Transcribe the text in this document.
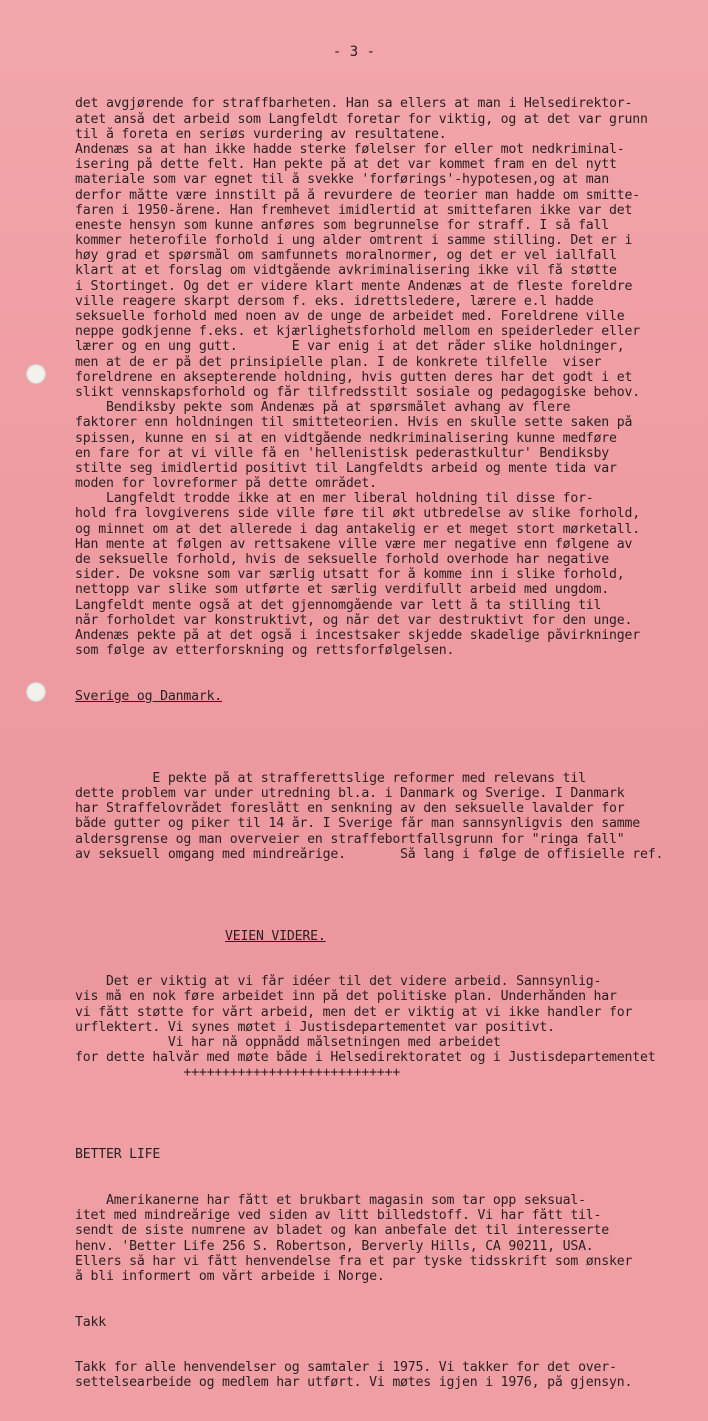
- 3 -

det avgjørende for straffbarheten. Han sa ellers at man i Helsedirektor-
atet anså det arbeid som Langfeldt foretar for viktig, og at det var grunn
til å foreta en seriøs vurdering av resultatene.
Andenæs sa at han ikke hadde sterke følelser for eller mot nedkriminal-
isering på dette felt. Han pekte på at det var kommet fram en del nytt
materiale som var egnet til å svekke 'forførings'-hypotesen,og at man
derfor måtte være innstilt på å revurdere de teorier man hadde om smitte-
faren i 1950-årene. Han fremhevet imidlertid at smittefaren ikke var det
eneste hensyn som kunne anføres som begrunnelse for straff. I så fall
kommer heterofile forhold i ung alder omtrent i samme stilling. Det er i
høy grad et spørsmål om samfunnets moralnormer, og det er vel iallfall
klart at et forslag om vidtgående avkriminalisering ikke vil få støtte
i Stortinget. Og det er videre klart mente Andenæs at de fleste foreldre
ville reagere skarpt dersom f. eks. idrettsledere, lærere e.l hadde
seksuelle forhold med noen av de unge de arbeidet med. Foreldrene ville
neppe godkjenne f.eks. et kjærlighetsforhold mellom en speiderleder eller
lærer og en ung gutt.       E var enig i at det råder slike holdninger,
men at de er på det prinsipielle plan. I de konkrete tilfelle  viser
foreldrene en aksepterende holdning, hvis gutten deres har det godt i et
slikt vennskapsforhold og får tilfredsstilt sosiale og pedagogiske behov.
Bendiksby pekte som Andenæs på at spørsmålet avhang av flere
faktorer enn holdningen til smitteteorien. Hvis en skulle sette saken på
spissen, kunne en si at en vidtgående nedkriminalisering kunne medføre
en fare for at vi ville få en 'hellenistisk pederastkultur' Bendiksby
stilte seg imidlertid positivt til Langfeldts arbeid og mente tida var
moden for lovreformer på dette området.
Langfeldt trodde ikke at en mer liberal holdning til disse for-
hold fra lovgiverens side ville føre til økt utbredelse av slike forhold,
og minnet om at det allerede i dag antakelig er et meget stort mørketall.
Han mente at følgen av rettsakene ville være mer negative enn følgene av
de seksuelle forhold, hvis de seksuelle forhold overhode har negative
sider. De voksne som var særlig utsatt for å komme inn i slike forhold,
nettopp var slike som utførte et særlig verdifullt arbeid med ungdom.
Langfeldt mente også at det gjennomgående var lett å ta stilling til
når forholdet var konstruktivt, og når det var destruktivt for den unge.
Andenæs pekte på at det også i incestsaker skjedde skadelige påvirkninger
som følge av etterforskning og rettsforfølgelsen.

Sverige og Danmark.

E pekte på at strafferettslige reformer med relevans til
dette problem var under utredning bl.a. i Danmark og Sverige. I Danmark
har Straffelovrådet foreslått en senkning av den seksuelle lavalder for
både gutter og piker til 14 år. I Sverige får man sannsynligvis den samme
aldersgrense og man overveier en straffebortfallsgrunn for "ringa fall"
av seksuell omgang med mindreårige.       Så lang i følge de offisielle ref.

VEIEN VIDERE.

Det er viktig at vi får idéer til det videre arbeid. Sannsynlig-
vis må en nok føre arbeidet inn på det politiske plan. Underhånden har
vi fått støtte for vårt arbeid, men det er viktig at vi ikke handler for
urflektert. Vi synes møtet i Justisdepartementet var positivt.
Vi har nå oppnådd målsetningen med arbeidet
for dette halvår med møte både i Helsedirektoratet og i Justisdepartementet
++++++++++++++++++++++++++++

BETTER LIFE

Amerikanerne har fått et brukbart magasin som tar opp seksual-
itet med mindreårige ved siden av litt billedstoff. Vi har fått til-
sendt de siste numrene av bladet og kan anbefale det til interesserte
henv. 'Better Life 256 S. Robertson, Berverly Hills, CA 90211, USA.
Ellers så har vi fått henvendelse fra et par tyske tidsskrift som ønsker
å bli informert om vårt arbeide i Norge.

Takk

Takk for alle henvendelser og samtaler i 1975. Vi takker for det over-
settelsearbeide og medlem har utført. Vi møtes igjen i 1976, på gjensyn.
